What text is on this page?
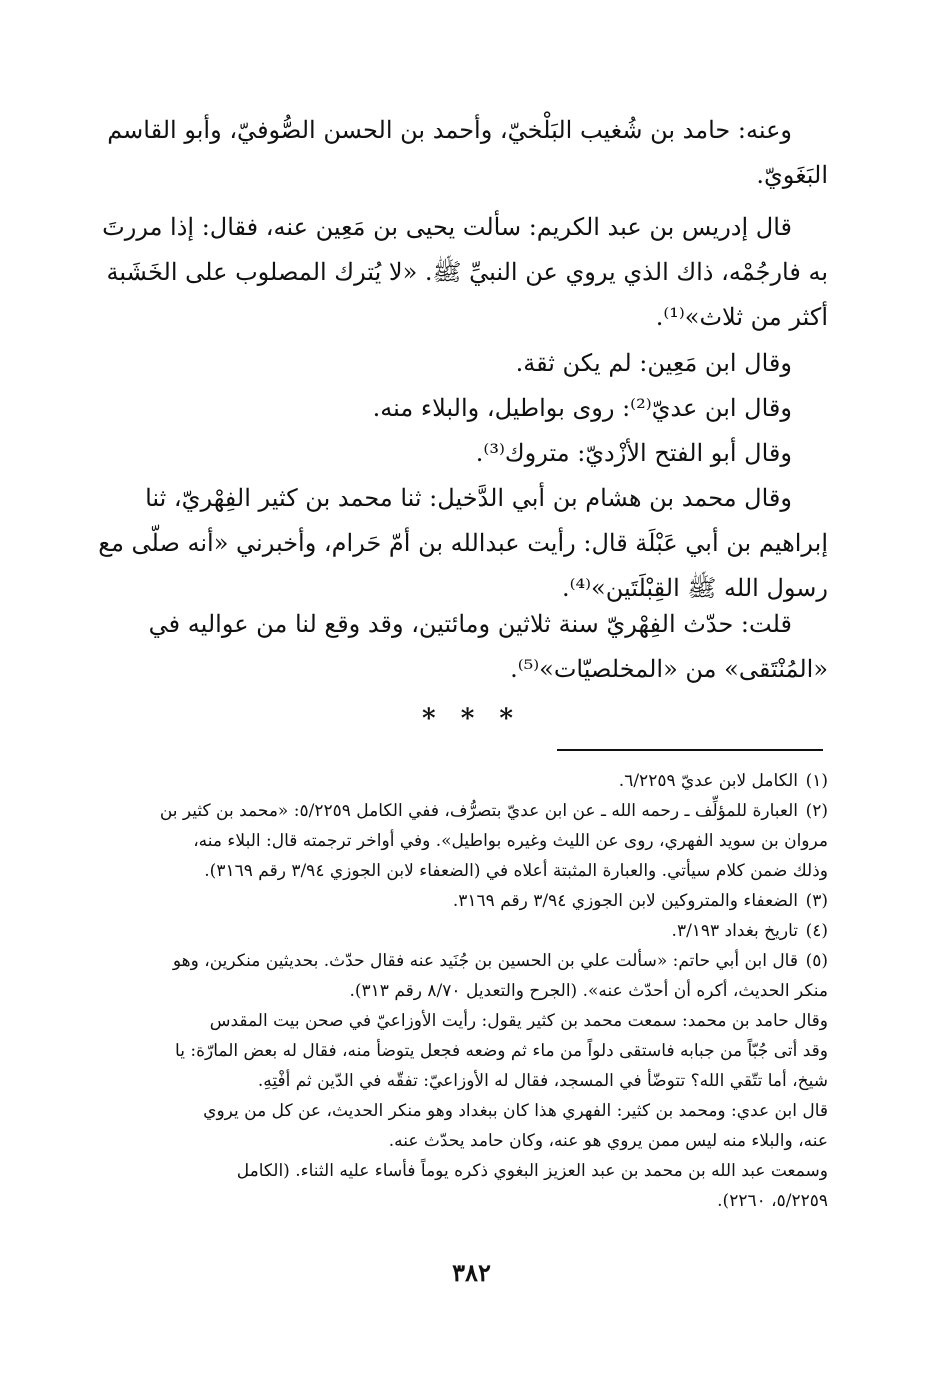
وعنه: حامد بن شُغيب البَلْخيّ، وأحمد بن الحسن الصُّوفيّ، وأبو القاسم
البَغَويّ.
قال إدريس بن عبد الكريم: سألت يحيى بن مَعِين عنه، فقال: إذا مررتَ
به فارجُمْه، ذاك الذي يروي عن النبيِّ ﷺ. «لا يُترك المصلوب على الخَشَبة
أكثر من ثلاث»⁽¹⁾.
وقال ابن مَعِين: لم يكن ثقة.
وقال ابن عديّ⁽²⁾: روى بواطيل، والبلاء منه.
وقال أبو الفتح الأزْديّ: متروك⁽³⁾.
وقال محمد بن هشام بن أبي الدَّخيل: ثنا محمد بن كثير الفِهْريّ، ثنا
إبراهيم بن أبي عَبْلَة قال: رأيت عبدالله بن أمّ حَرام، وأخبرني «أنه صلّى مع
رسول الله ﷺ القِبْلَتَين»⁽⁴⁾.
قلت: حدّث الفِهْريّ سنة ثلاثين ومائتين، وقد وقع لنا من عواليه في
«المُنْتَقى» من «المخلصيّات»⁽⁵⁾.
* * *
(١)الكامل لابن عديّ ٦/٢٢٥٩.
(٢)العبارة للمؤلِّف ـ رحمه الله ـ عن ابن عديّ بتصرُّف، ففي الكامل ٥/٢٢٥٩: «محمد بن كثير بن
مروان بن سويد الفهري، روى عن الليث وغيره بواطيل». وفي أواخر ترجمته قال: البلاء منه،
وذلك ضمن كلام سيأتي. والعبارة المثبتة أعلاه في (الضعفاء لابن الجوزي ٣/٩٤ رقم ٣١٦٩).
(٣)الضعفاء والمتروكين لابن الجوزي ٣/٩٤ رقم ٣١٦٩.
(٤)تاريخ بغداد ٣/١٩٣.
(٥)قال ابن أبي حاتم: «سألت علي بن الحسين بن جُنَيد عنه فقال حدّث. بحديثين منكرين، وهو
منكر الحديث، أكره أن أحدّث عنه». (الجرح والتعديل ٨/٧٠ رقم ٣١٣).
وقال حامد بن محمد: سمعت محمد بن كثير يقول: رأيت الأوزاعيّ في صحن بيت المقدس
وقد أتى جُبّاً من جبابه فاستقى دلواً من ماء ثم وضعه فجعل يتوضأ منه، فقال له بعض المارّة: يا
شيخ، أما تتّقي الله؟ تتوضّأ في المسجد، فقال له الأوزاعيّ: تفقّه في الدّين ثم أفْتِهِ.
قال ابن عدي: ومحمد بن كثير: الفهري هذا كان ببغداد وهو منكر الحديث، عن كل من يروي
عنه، والبلاء منه ليس ممن يروي هو عنه، وكان حامد يحدّث عنه.
وسمعت عبد الله بن محمد بن عبد العزيز البغوي ذكره يوماً فأساء عليه الثناء. (الكامل
٥/٢٢٥٩، ٢٢٦٠).
٣٨٢
